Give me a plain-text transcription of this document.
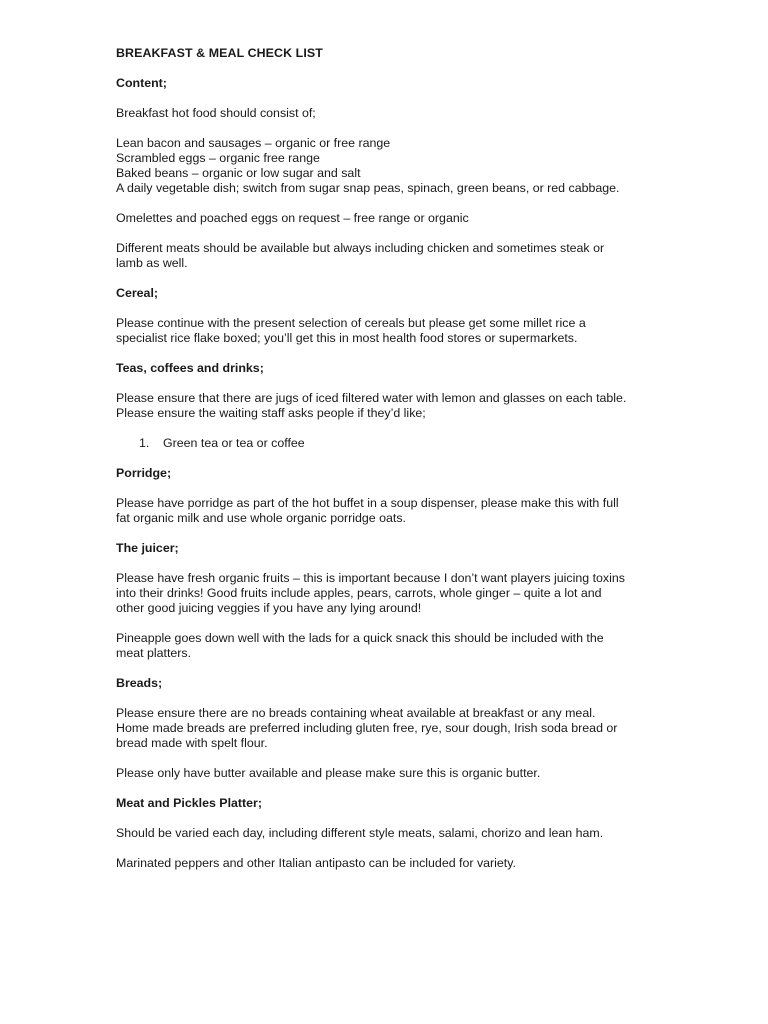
BREAKFAST & MEAL CHECK LIST
Content;
Breakfast hot food should consist of;
Lean bacon and sausages – organic or free range
Scrambled eggs – organic free range
Baked beans – organic or low sugar and salt
A daily vegetable dish; switch from sugar snap peas, spinach, green beans, or red cabbage.
Omelettes and poached eggs on request – free range or organic
Different meats should be available but always including chicken and sometimes steak or
lamb as well.
Cereal;
Please continue with the present selection of cereals but please get some millet rice a
specialist rice flake boxed; you’ll get this in most health food stores or supermarkets.
Teas, coffees and drinks;
Please ensure that there are jugs of iced filtered water with lemon and glasses on each table.
Please ensure the waiting staff asks people if they’d like;
1. Green tea or tea or coffee
Porridge;
Please have porridge as part of the hot buffet in a soup dispenser, please make this with full
fat organic milk and use whole organic porridge oats.
The juicer;
Please have fresh organic fruits – this is important because I don’t want players juicing toxins
into their drinks! Good fruits include apples, pears, carrots, whole ginger – quite a lot and
other good juicing veggies if you have any lying around!
Pineapple goes down well with the lads for a quick snack this should be included with the
meat platters.
Breads;
Please ensure there are no breads containing wheat available at breakfast or any meal.
Home made breads are preferred including gluten free, rye, sour dough, Irish soda bread or
bread made with spelt flour.
Please only have butter available and please make sure this is organic butter.
Meat and Pickles Platter;
Should be varied each day, including different style meats, salami, chorizo and lean ham.
Marinated peppers and other Italian antipasto can be included for variety.
